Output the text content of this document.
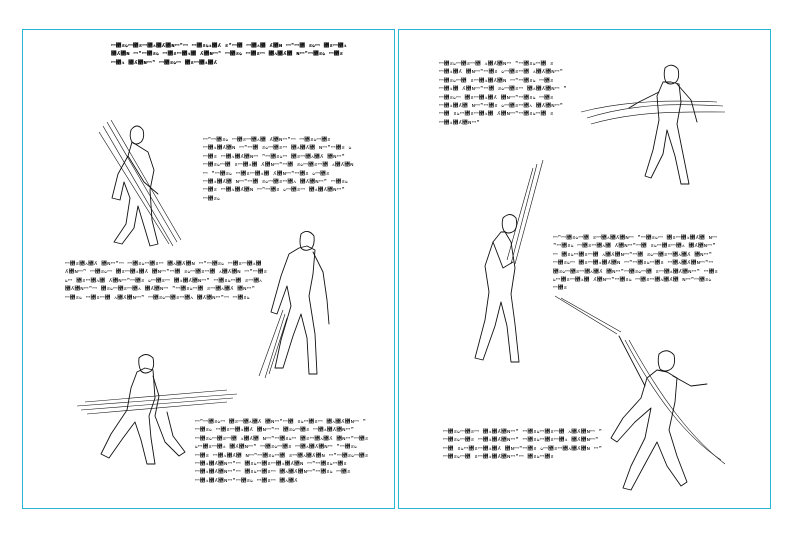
ꟷ꟥ƨ᥀ꟷ꟥ƨꟷ꟥ᴧ꟣ʎ꟥ɴꟷꟸꟷ ꟷ꟥ƨ᥀ᴧ꟣ʎ ƨꟸꟷ꟥ ꟷ꟥ᴧ꟣ ʎ꟥ɴ ꟷꟸꟷ꟥ ƨ᥀ꟷ ꟥ƨꟷ꟥ᴧ ꟣ʎ꟥ɴ ꟷꟸꟷ꟥ƨ᥀ ꟷ꟥ƨꟷ꟥ᴧ꟣ ʎ꟥ɴꟷꟸ ꟷ꟥ƨ᥀ ꟷ꟥ƨꟷ ꟥ᴧ꟣ʎ꟥ ɴꟷꟸꟷ꟥ƨ᥀ ꟷ꟥ƨꟷ꟥ᴧ ꟣ʎ꟥ɴꟷꟸ ꟷ꟥ƨ᥀ꟷ ꟥ƨꟷ꟥ᴧ꟣ʎ

ꟷꟸꟷ꟥ƨ᥀ ꟷ꟥ƨꟷ꟥ᴧ꟣ ʎ꟥ɴꟷꟸꟷ ꟷ꟥ƨ᥀ꟷ꟥ƨ ꟷ꟥ᴧ꟣ʎ꟥ɴ ꟷꟸꟷ꟥ ƨ᥀ꟷ꟥ƨꟷ ꟥ᴧ꟣ʎ꟥ ɴꟷꟸꟷ꟥ƨ ᥀ꟷ꟥ƨ ꟷ꟥ᴧ꟣ʎ꟥ɴꟷ ꟸꟷ꟥ƨ᥀ꟷ ꟥ƨꟷ꟥ᴧ꟣ʎ ꟥ɴꟷꟸ ꟷ꟥ƨ᥀ꟷ꟥ ƨꟷ꟥ᴧ꟣ ʎ꟥ɴꟷꟸꟷ꟥ ƨ᥀ꟷ꟥ƨꟷ꟥ ᴧ꟣ʎ꟥ɴꟷ ꟸꟷ꟥ƨ᥀ ꟷ꟥ƨꟷ꟥ᴧ꟣ ʎ꟥ɴꟷꟸꟷ꟥ƨ ᥀ꟷ꟥ƨ ꟷ꟥ᴧ꟣ʎ꟥ ɴꟷꟸꟷ꟥ ƨ᥀ꟷ꟥ƨꟷ꟥ᴧ ꟣ʎ꟥ɴꟷꟸ ꟷ꟥ƨ᥀ꟷ꟥ƨ ꟷ꟥ᴧ꟣ʎ꟥ɴ ꟷꟸꟷ꟥ƨ ᥀ꟷ꟥ƨꟷ ꟥ᴧ꟣ʎ꟥ɴꟷꟸ ꟷ꟥ƨ᥀

ꟷ꟥ƨ꟥ᴧ꟣ʎ ꟥ɴꟷꟸꟷ ꟷ꟥ƨ᥀ꟷ꟥ƨꟷ ꟥ᴧ꟣ʎ꟥ɴ ꟷꟸꟷ꟥ƨ᥀ ꟷ꟥ƨꟷ꟥ᴧ꟣ ʎ꟥ɴꟷꟸ ꟷ꟥ƨ᥀ꟷ ꟥ƨꟷ꟥ᴧ꟣ʎ ꟥ɴꟷꟸꟷ꟥ ƨ᥀ꟷ꟥ƨꟷ꟥ ᴧ꟣ʎ꟥ɴ ꟷꟸꟷ꟥ƨ᥀ꟷ ꟥ƨꟷ꟥ᴧ꟣ ʎ꟥ɴꟷꟸꟷ꟥ƨ ᥀ꟷ꟥ƨꟷ ꟥ᴧ꟣ʎ꟥ɴꟷꟸ ꟷ꟥ƨ᥀ꟷ꟥ ƨꟷ꟥ᴧ ꟣ʎ꟥ɴꟷꟸꟷ ꟥ƨ᥀ꟷ꟥ƨꟷ꟥ᴧ ꟣ʎ꟥ɴꟷ ꟸꟷ꟥ƨ᥀ꟷ꟥ ƨꟷ꟥ᴧ꟣ʎ ꟥ɴꟷꟸꟷ꟥ƨ᥀ ꟷ꟥ƨꟷ꟥ ᴧ꟣ʎ꟥ɴꟷꟸ ꟷ꟥ƨ᥀ꟷ꟥ƨꟷ꟥ᴧ ꟣ʎ꟥ɴꟷꟸꟷ ꟷ꟥ƨ᥀

ꟷꟸꟷ꟥ƨ᥀ꟷ ꟥ƨꟷ꟥ᴧ꟣ʎ ꟥ɴꟷꟸꟷ꟥ ƨ᥀ꟷ꟥ƨꟷ ꟥ᴧ꟣ʎ꟥ɴꟷ ꟸꟷ꟥ƨ᥀ ꟷ꟥ƨꟷ꟥ᴧ꟣ʎ ꟥ɴꟷꟸꟷ ꟥ƨ᥀ꟷ꟥ƨ ꟷ꟥ᴧ꟣ʎ꟥ɴꟷꟸ ꟷ꟥ƨ᥀ꟷ꟥ƨꟷ꟥ ᴧ꟣ʎ꟥ ɴꟷꟸꟷ꟥ƨ᥀ꟷ ꟥ƨꟷ꟥ᴧ꟣ʎ ꟥ɴꟷꟸꟷ꟥ƨ ᥀ꟷ꟥ƨꟷ꟥ᴧ ꟣ʎ꟥ɴꟷꟸ ꟷ꟥ƨ᥀ꟷ꟥ƨ ꟷ꟥ᴧ꟣ʎ꟥ɴꟷ ꟸꟷ꟥ƨ᥀ꟷ꟥ƨ ꟷ꟥ᴧ꟣ʎ꟥ ɴꟷꟸꟷ꟥ƨ᥀ꟷ꟥ ƨꟷ꟥ᴧ꟣ʎ꟥ɴ ꟷꟸꟷ꟥ƨ᥀ꟷ꟥ƨ ꟷ꟥ᴧ꟣ʎ꟥ɴꟷꟸꟷ ꟥ƨ᥀ꟷ꟥ƨꟷ꟥ᴧ꟣ʎ꟥ɴ ꟷꟸꟷ꟥ƨ᥀ꟷ꟥ƨꟷ꟥ᴧ꟣ʎ꟥ɴꟷꟸꟷ ꟥ƨ᥀ꟷ꟥ƨꟷ ꟥ᴧ꟣ʎ꟥ɴꟷꟸꟷ꟥ƨ᥀ ꟷ꟥ƨꟷ꟥ᴧ꟣ʎ꟥ɴꟷꟸꟷ꟥ƨ᥀ ꟷ꟥ƨꟷ ꟥ᴧ꟣ʎ

ꟷ꟥ƨ᥀ꟷ꟥ƨꟷ꟥ ᴧ꟣ʎ꟥ɴꟷ ꟸꟷ꟥ƨ᥀ꟷ꟥ ƨꟷ꟥ᴧ꟣ʎ ꟥ɴꟷꟸꟷ꟥ƨ ᥀ꟷ꟥ƨꟷ꟥ ᴧ꟣ʎ꟥ɴꟷꟸ ꟷ꟥ƨ᥀ꟷ꟥ ƨꟷ꟥ᴧ꟣ʎ꟥ɴ ꟷꟸꟷ꟥ƨ᥀ ꟷ꟥ƨꟷ꟥ᴧ꟣ ʎ꟥ɴꟷꟸꟷ꟥ ƨ᥀ꟷ꟥ƨꟷ ꟥ᴧ꟣ʎ꟥ɴꟷ ꟸꟷ꟥ƨ᥀ꟷ ꟥ƨꟷ꟥ᴧ꟣ʎ ꟥ɴꟷꟸꟷ꟥ƨ᥀ ꟷ꟥ƨꟷ꟥ᴧ꟣ʎ꟥ ɴꟷꟸꟷ꟥ƨ ᥀ꟷ꟥ƨꟷ꟥ᴧ ꟣ʎ꟥ɴꟷꟸꟷ꟥ ƨ᥀ꟷ꟥ƨꟷ꟥ᴧ꟣ ʎ꟥ɴꟷꟸꟷ꟥ƨ᥀ꟷ꟥ ƨꟷ꟥ᴧ꟣ʎ꟥ɴꟷꟸ

ꟷꟸꟷ꟥ƨ᥀ꟷ꟥ ƨꟷ꟥ᴧ꟣ʎ꟥ɴꟷ ꟸꟷ꟥ƨ᥀ꟷ ꟥ƨꟷ꟥ᴧ꟣ʎ꟥ ɴꟷꟸꟷ꟥ƨ᥀ ꟷ꟥ƨꟷ꟥ᴧ꟣ ʎ꟥ɴꟷꟸꟷ꟥ ƨ᥀ꟷ꟥ƨꟷ꟥ᴧ ꟣ʎ꟥ɴꟷꟸꟷ ꟥ƨ᥀ꟷ꟥ƨꟷ꟥ ᴧ꟣ʎ꟥ɴꟷꟸꟷ꟥ ƨ᥀ꟷ꟥ƨꟷ꟥ᴧ꟣ʎ ꟥ɴꟷꟸꟷ꟥ƨ᥀ꟷ ꟥ƨꟷ꟥ᴧ꟣ʎ꟥ɴ ꟷꟸꟷ꟥ƨ᥀ꟷ꟥ƨ ꟷ꟥ᴧ꟣ʎ꟥ɴꟷꟸꟷ ꟥ƨ᥀ꟷ꟥ƨꟷ꟥ᴧ꟣ʎ ꟥ɴꟷꟸꟷ꟥ƨ᥀ꟷ꟥ ƨꟷ꟥ᴧ꟣ʎ꟥ɴꟷꟸ ꟷ꟥ƨ᥀ꟷ꟥ƨꟷ꟥ᴧ꟣ ʎ꟥ɴꟷꟸꟷ꟥ƨ᥀ ꟷ꟥ƨꟷ꟥ᴧ꟣ʎ꟥ ɴꟷꟸꟷ꟥ƨ᥀ꟷ꟥ƨ

ꟷ꟥ƨ᥀ꟷ꟥ƨꟷ ꟥ᴧ꟣ʎ꟥ɴꟷꟸ ꟷ꟥ƨ᥀ꟷ꟥ƨꟷ꟥ ᴧ꟣ʎ꟥ɴꟷ ꟸꟷ꟥ƨ᥀ꟷ꟥ƨ ꟷ꟥ᴧ꟣ʎ꟥ɴꟷꟸ ꟷ꟥ƨ᥀ꟷ꟥ƨꟷ꟥ᴧ ꟣ʎ꟥ɴꟷꟸꟷ꟥ ƨ᥀ꟷ꟥ƨꟷ꟥ᴧ꟣ʎ ꟥ɴꟷꟸꟷ꟥ƨ ᥀ꟷ꟥ƨꟷ꟥ᴧ꟣ʎ꟥ɴ ꟷꟸꟷ꟥ƨ᥀ꟷ꟥ ƨꟷ꟥ᴧ꟣ʎ꟥ɴꟷꟸꟷ ꟥ƨ᥀ꟷ꟥ƨ
